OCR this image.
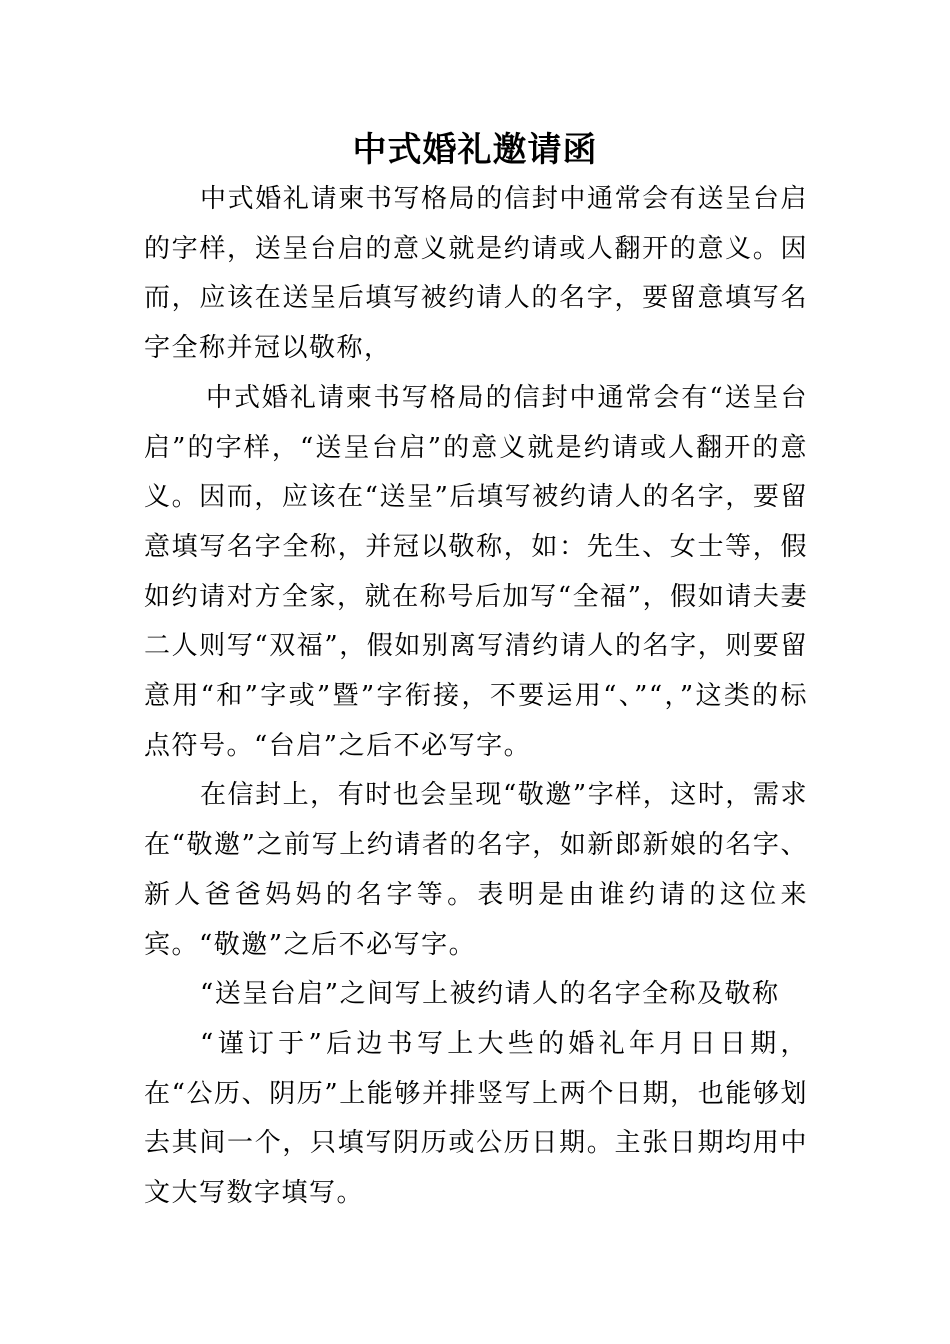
中式婚礼邀请函

中式婚礼请柬书写格局的信封中通常会有送呈台启的字样，送呈台启的意义就是约请或人翻开的意义。因而，应该在送呈后填写被约请人的名字，要留意填写名字全称并冠以敬称，

中式婚礼请柬书写格局的信封中通常会有“送呈台启”的字样，“送呈台启”的意义就是约请或人翻开的意义。因而，应该在“送呈”后填写被约请人的名字，要留意填写名字全称，并冠以敬称，如：先生、女士等，假如约请对方全家，就在称号后加写“全福”，假如请夫妻二人则写“双福”，假如别离写清约请人的名字，则要留意用“和”字或”暨”字衔接，不要运用“、”“，”这类的标点符号。“台启”之后不必写字。

在信封上，有时也会呈现“敬邀”字样，这时，需求在“敬邀”之前写上约请者的名字，如新郎新娘的名字、新人爸爸妈妈的名字等。表明是由谁约请的这位来宾。“敬邀”之后不必写字。

“送呈台启”之间写上被约请人的名字全称及敬称

“谨订于”后边书写上大些的婚礼年月日日期，在“公历、阴历”上能够并排竖写上两个日期，也能够划去其间一个，只填写阴历或公历日期。主张日期均用中文大写数字填写。
